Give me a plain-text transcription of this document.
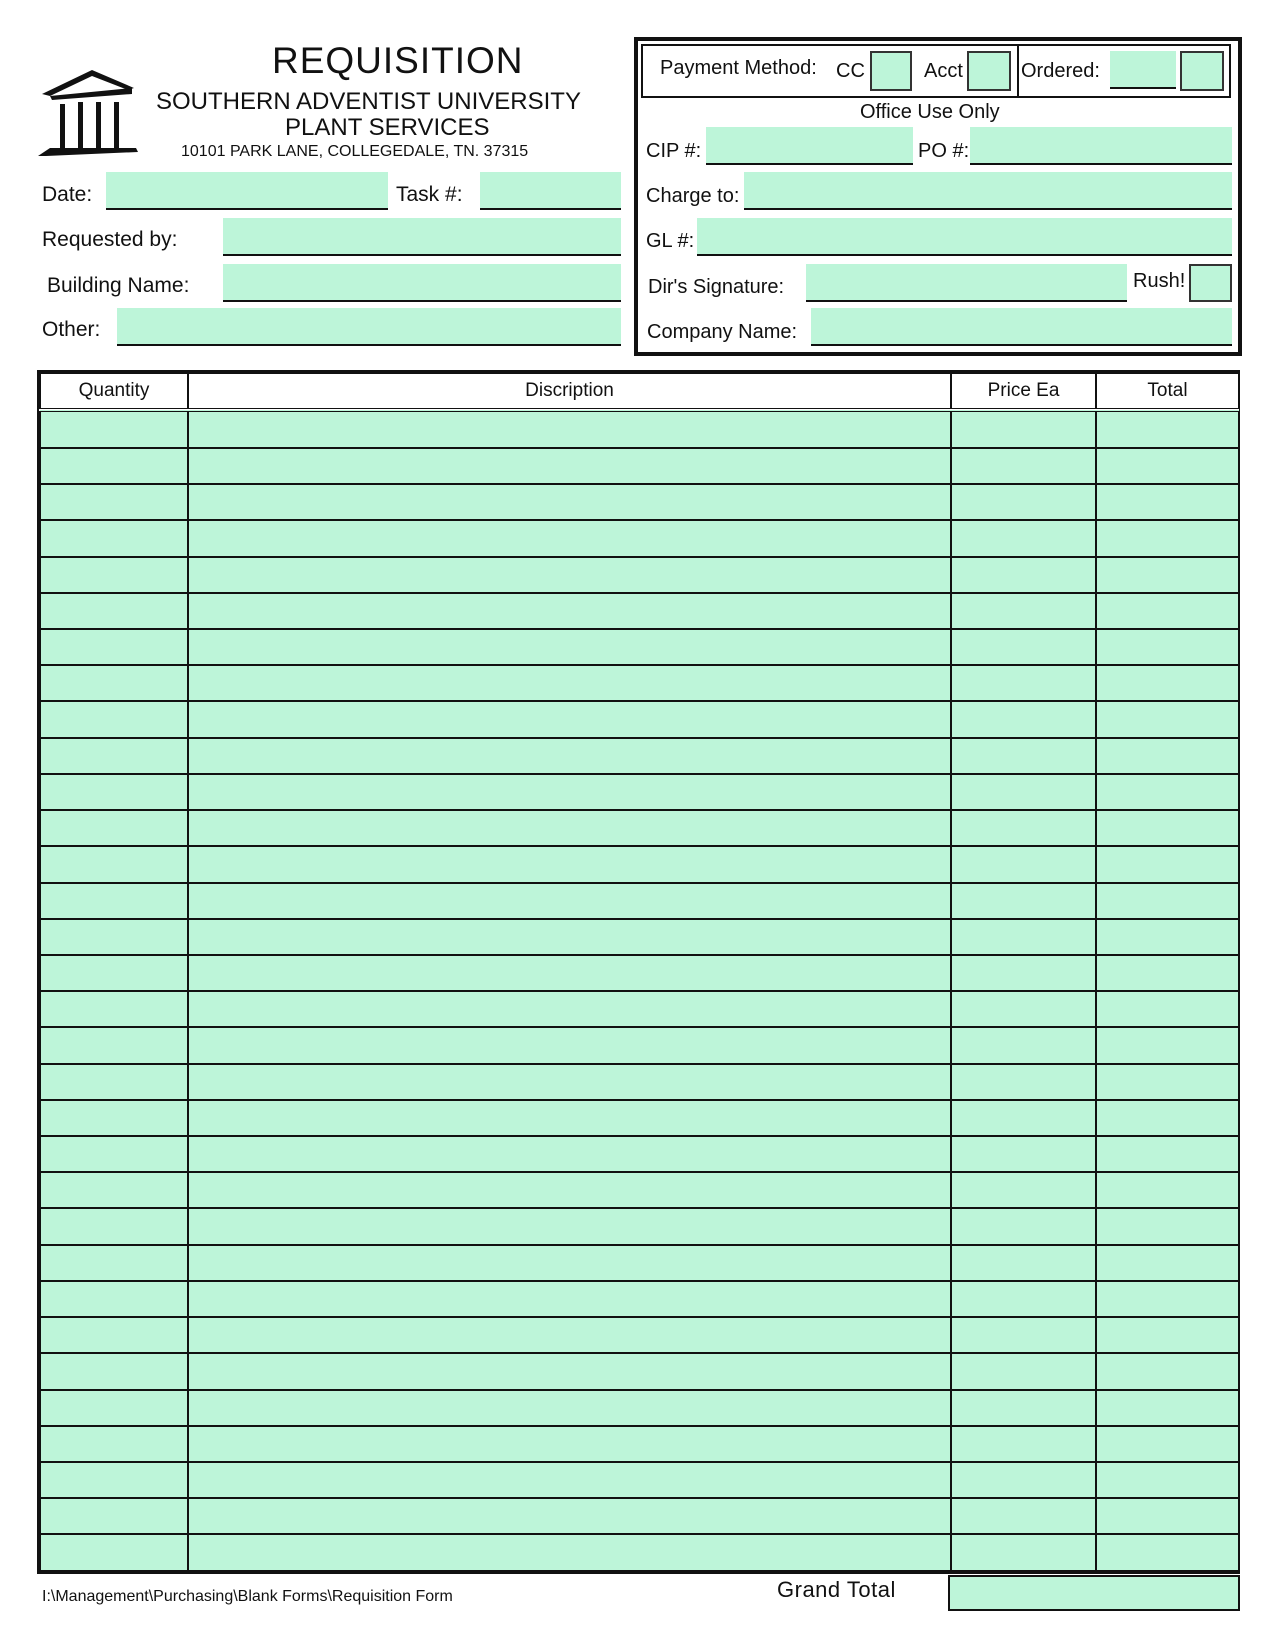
REQUISITION
SOUTHERN ADVENTIST UNIVERSITY
PLANT SERVICES
10101 PARK LANE, COLLEGEDALE, TN. 37315
Date:	Task #:
Requested by:
Building Name:
Other:
Payment Method: CC	Acct	Ordered:
Office Use Only
CIP #:	PO #:
Charge to:
GL #:
Dir's Signature:	Rush!
Company Name:
Quantity	Discription	Price Ea	Total

I:\Management\Purchasing\Blank Forms\Requisition Form	Grand Total
